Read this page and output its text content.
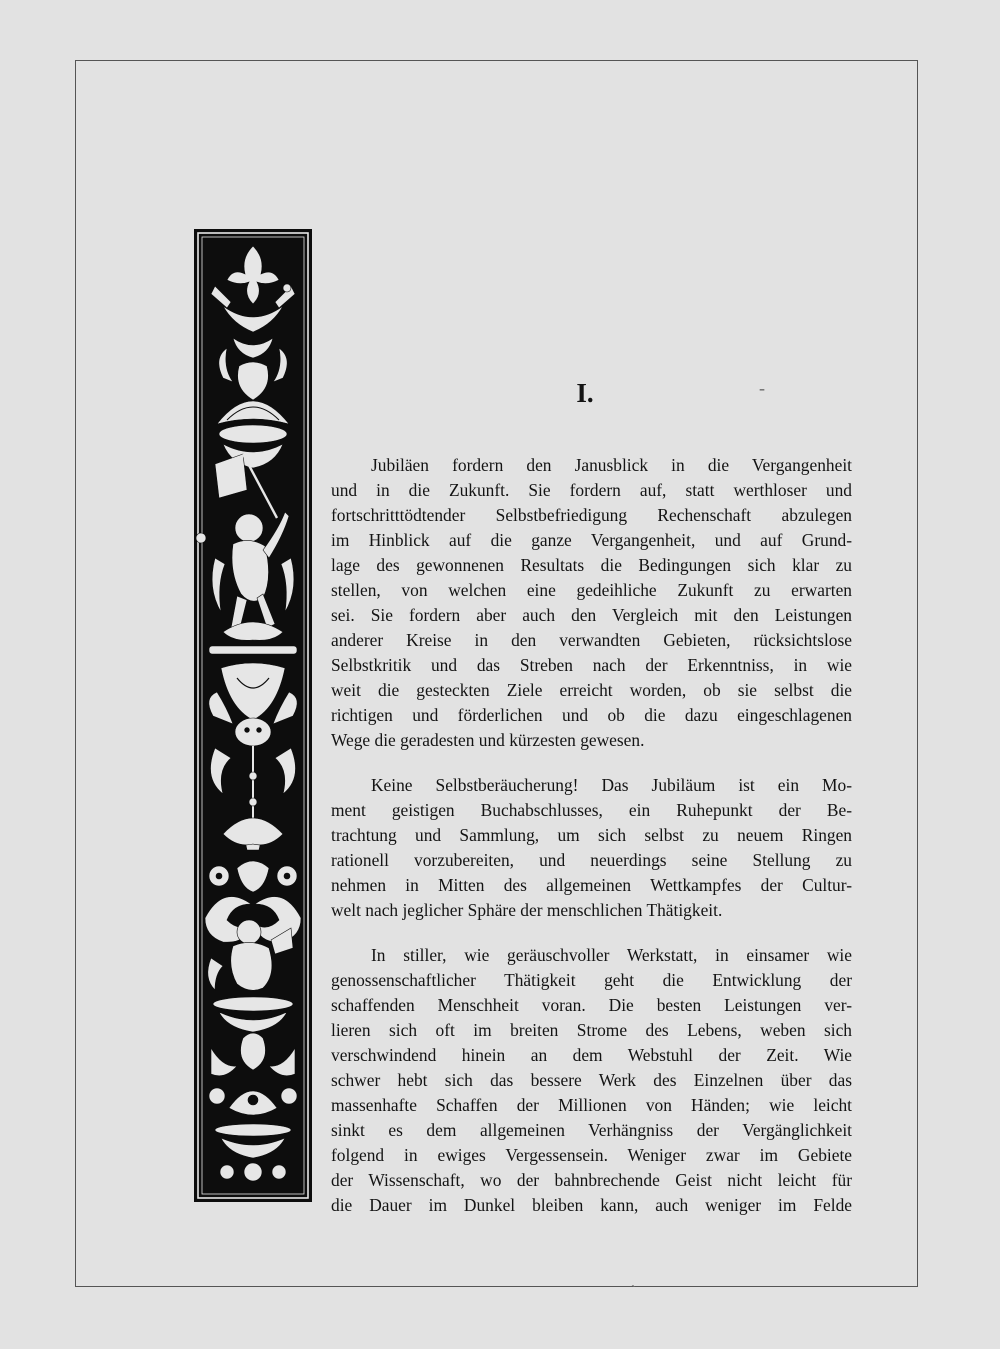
I.	-
Jubiläen fordern den Janusblick in die Vergangenheit
und in die Zukunft. Sie fordern auf, statt werthloser und
fortschritttödtender Selbstbefriedigung Rechenschaft abzulegen
im Hinblick auf die ganze Vergangenheit, und auf Grund-
lage des gewonnenen Resultats die Bedingungen sich klar zu
stellen, von welchen eine gedeihliche Zukunft zu erwarten
sei. Sie fordern aber auch den Vergleich mit den Leistungen
anderer Kreise in den verwandten Gebieten, rücksichtslose
Selbstkritik und das Streben nach der Erkenntniss, in wie
weit die gesteckten Ziele erreicht worden, ob sie selbst die
richtigen und förderlichen und ob die dazu eingeschlagenen
Wege die geradesten und kürzesten gewesen.
Keine Selbstberäucherung! Das Jubiläum ist ein Mo-
ment geistigen Buchabschlusses, ein Ruhepunkt der Be-
trachtung und Sammlung, um sich selbst zu neuem Ringen
rationell vorzubereiten, und neuerdings seine Stellung zu
nehmen in Mitten des allgemeinen Wettkampfes der Cultur-
welt nach jeglicher Sphäre der menschlichen Thätigkeit.
In stiller, wie geräuschvoller Werkstatt, in einsamer wie
genossenschaftlicher Thätigkeit geht die Entwicklung der
schaffenden Menschheit voran. Die besten Leistungen ver-
lieren sich oft im breiten Strome des Lebens, weben sich
verschwindend hinein an dem Webstuhl der Zeit. Wie
schwer hebt sich das bessere Werk des Einzelnen über das
massenhafte Schaffen der Millionen von Händen; wie leicht
sinkt es dem allgemeinen Verhängniss der Vergänglichkeit
folgend in ewiges Vergessensein. Weniger zwar im Gebiete
der Wissenschaft, wo der bahnbrechende Geist nicht leicht für
die Dauer im Dunkel bleiben kann, auch weniger im Felde
ˏ
